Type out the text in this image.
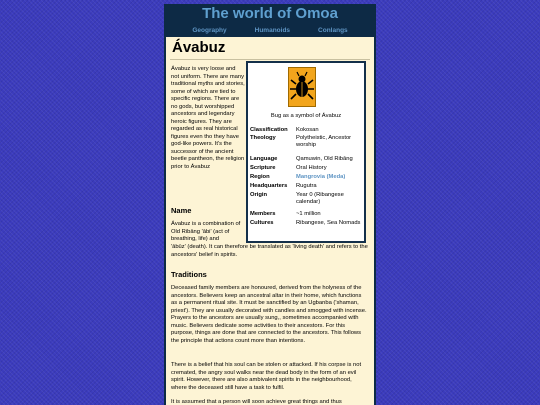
The world of Omoa
Geography	Humanoids	Conlangs
Ávabuz

Ávabuz is very loose and not uniform. There are many traditional myths and stories, some of which are tied to specific regions. There are no gods, but worshipped ancestors and legendary heroic figures. They are regarded as real historical figures even tho they have god-like powers. It's the successor of the ancient beetle pantheon, the religion prior to Ávabuz

Bug as a symbol of Ávabuz

Classification	Kokosan
Theology	Polytheistic, Ancestor worship
Language	Qamuwin, Old Ribāng
Scripture	Oral History
Region	Mangrovia (Meda)
Headquarters	Rugutra
Origin	Year 0 (Ribangese calendar)
Members	~1 million
Cultures	Ribangese, Sea Nomads
Name

Ávabuz is a combination of Old Ribāng 'ābi' (act of breathing, life) and

'ābūz' (death). It can therefore be translated as 'living death' and refers to the ancestors' belief in spirits.

Traditions

Deceased family members are honoured, derived from the holyness of the ancestors. Believers keep an ancestral altar in their home, which functions as a permanent ritual site. It must be sanctified by an Ugbanba ('shaman, priest'). They are usually decorated with candles and smogged with incense. Prayers to the ancestors are usually sung,, sometimes accompanied with music. Believers dedicate some activities to their ancestors. For this purpose, things are done that are connected to the ancestors. This follows the principle that actions count more than intentions.

There is a belief that his soul can be stolen or attacked. If his corpse is not cremated, the angry soul walks near the dead body in the form of an evil spirit. However, there are also ambivalent spirits in the neighbourhood, where the deceased still have a task to fulfil.

It is assumed that a person will soon achieve great things and thus
